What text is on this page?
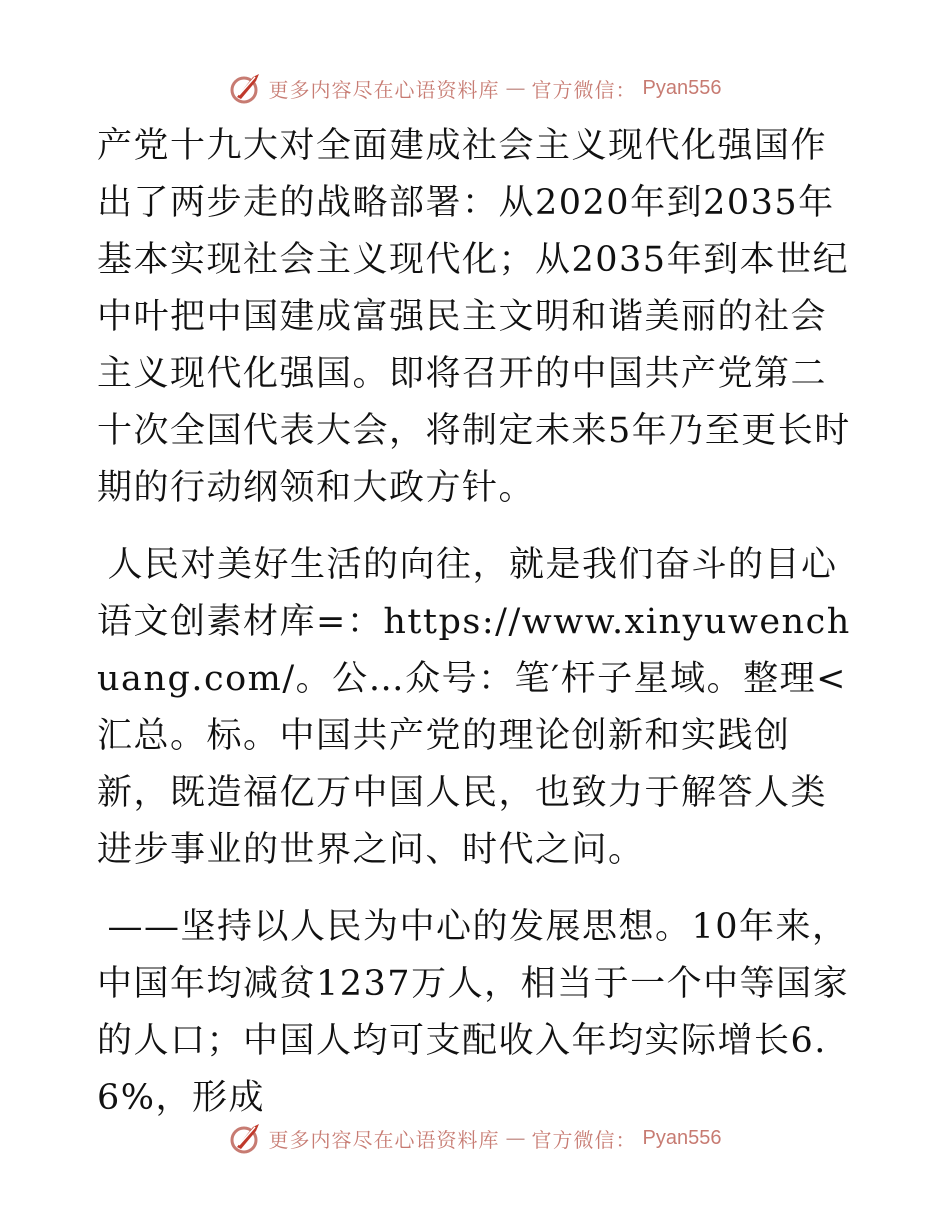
更多内容尽在心语资料库 — 官方微信： Pyan556

产党十九大对全面建成社会主义现代化强国作出了两步走的战略部署：从2020年到2035年基本实现社会主义现代化；从2035年到本世纪中叶把中国建成富强民主文明和谐美丽的社会主义现代化强国。即将召开的中国共产党第二十次全国代表大会，将制定未来5年乃至更长时期的行动纲领和大政方针。

人民对美好生活的向往，就是我们奋斗的目心语文创素材库=：https://www.xinyuwenchuang.com/。公…众号：笔′杆子星域。整理<汇总。标。中国共产党的理论创新和实践创新，既造福亿万中国人民，也致力于解答人类进步事业的世界之问、时代之问。

——坚持以人民为中心的发展思想。10年来，中国年均减贫1237万人，相当于一个中等国家的人口；中国人均可支配收入年均实际增长6.6%，形成

更多内容尽在心语资料库 — 官方微信： Pyan556
